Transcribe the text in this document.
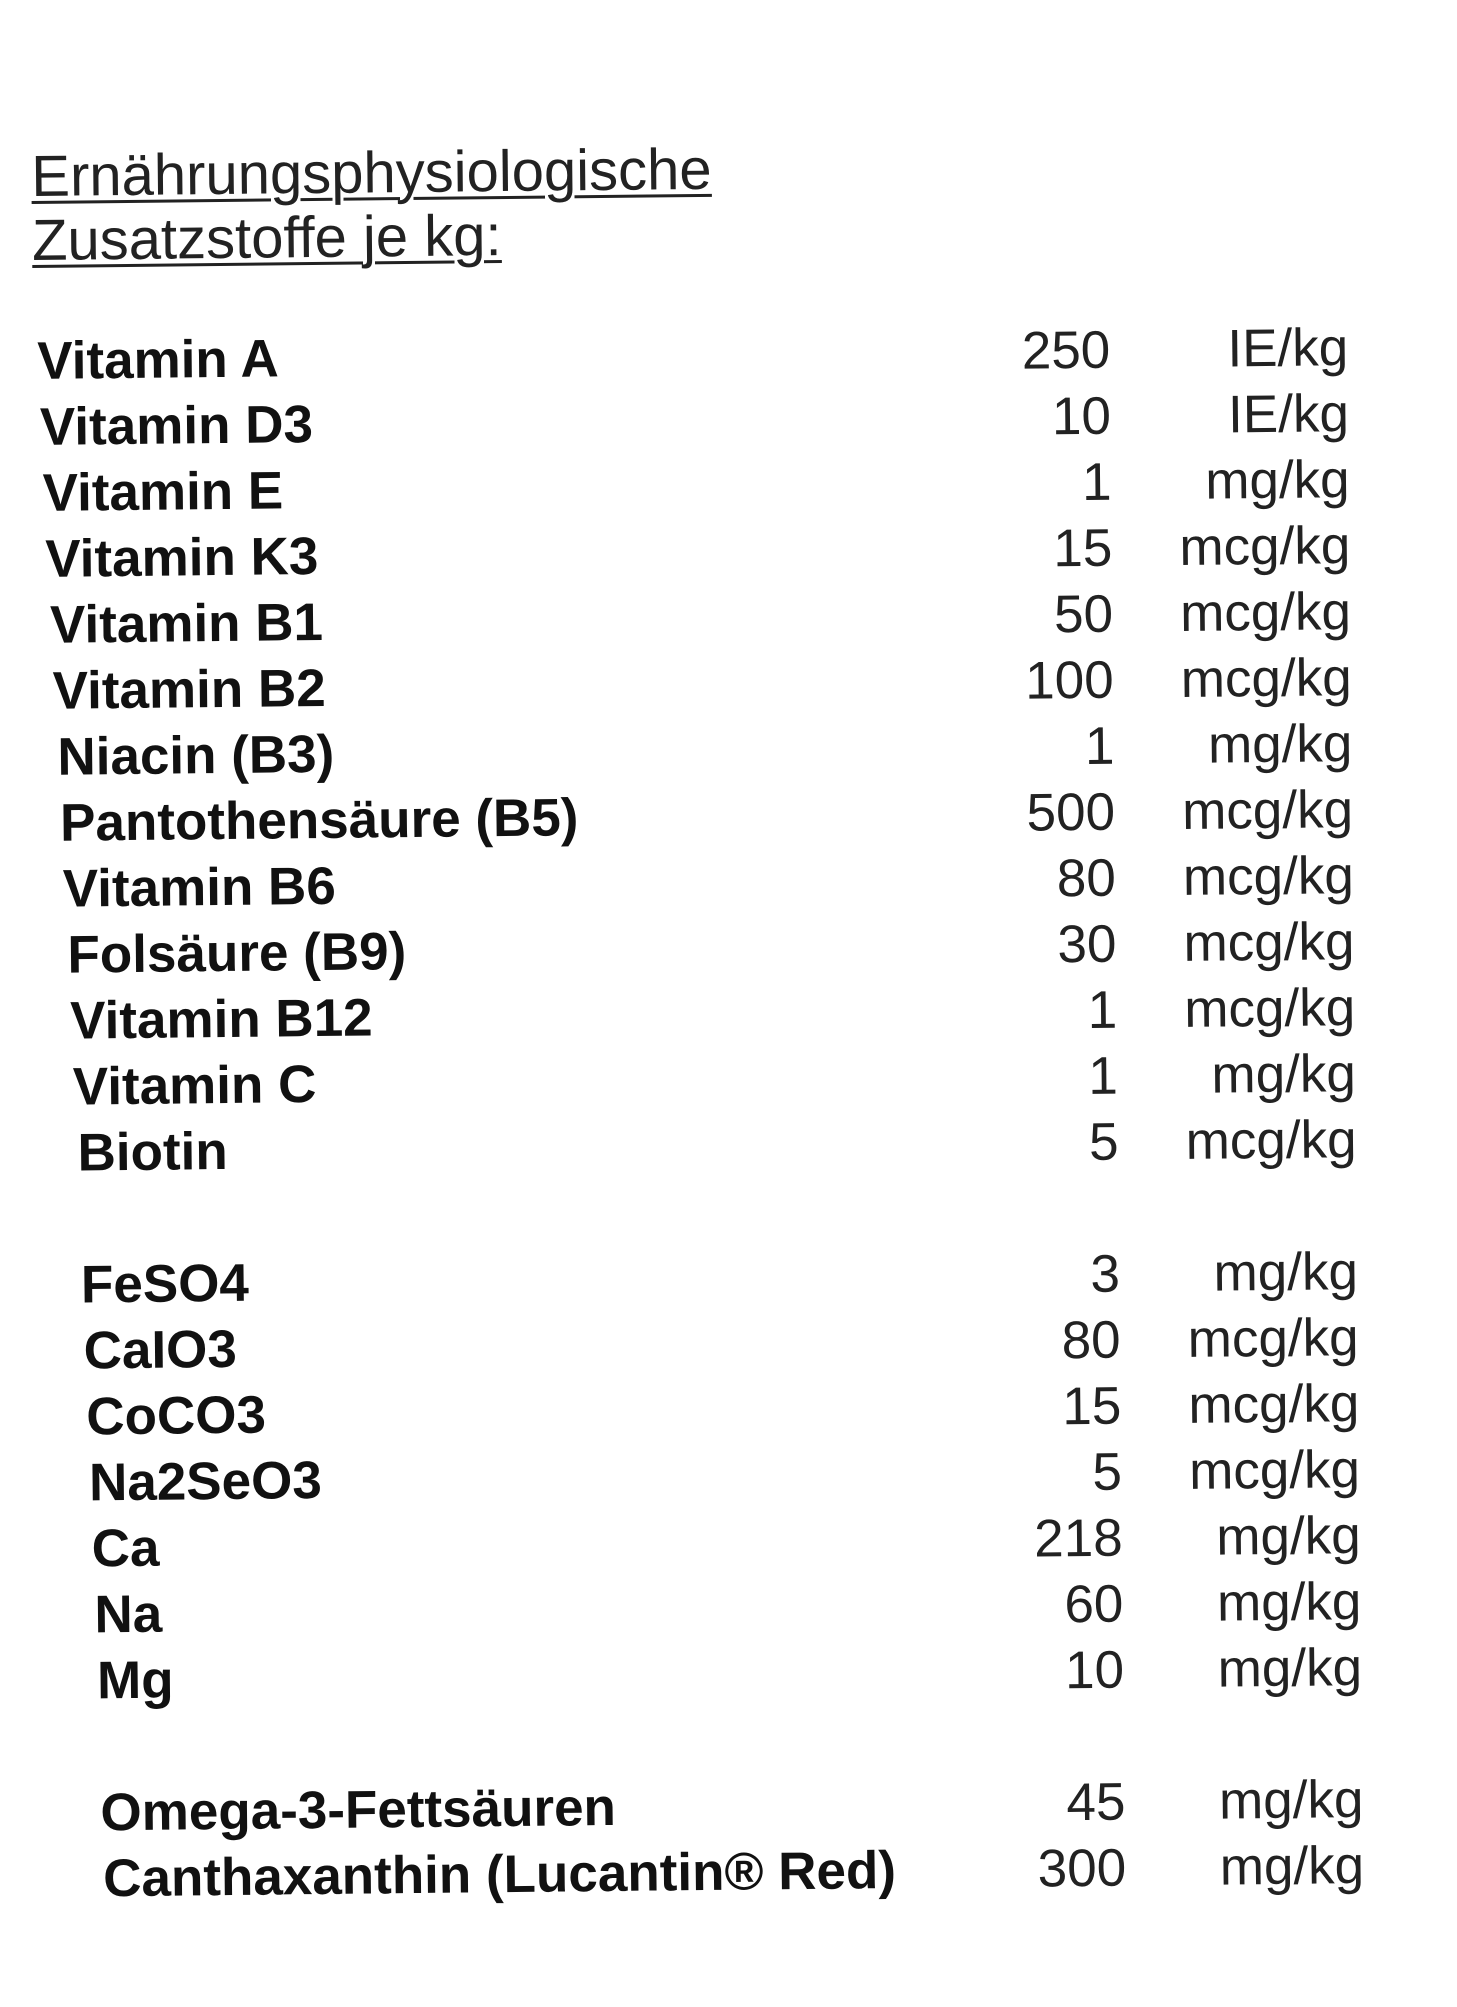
Ernährungsphysiologische
Zusatzstoffe je kg:
Vitamin A	250 IE/kg
Vitamin D3	10 IE/kg
Vitamin E	1 mg/kg
Vitamin K3	15 mcg/kg
Vitamin B1	50 mcg/kg
Vitamin B2	100 mcg/kg
Niacin (B3)	1 mg/kg
Pantothensäure (B5)	500 mcg/kg
Vitamin B6	80 mcg/kg
Folsäure (B9)	30 mcg/kg
Vitamin B12	1 mcg/kg
Vitamin C	1 mg/kg
Biotin	5 mcg/kg
FeSO4	3 mg/kg
CaIO3	80 mcg/kg
CoCO3	15 mcg/kg
Na2SeO3	5 mcg/kg
Ca	218 mg/kg
Na	60 mg/kg
Mg	10 mg/kg
Omega-3-Fettsäuren	45 mg/kg
Canthaxanthin (Lucantin® Red)	300 mg/kg
